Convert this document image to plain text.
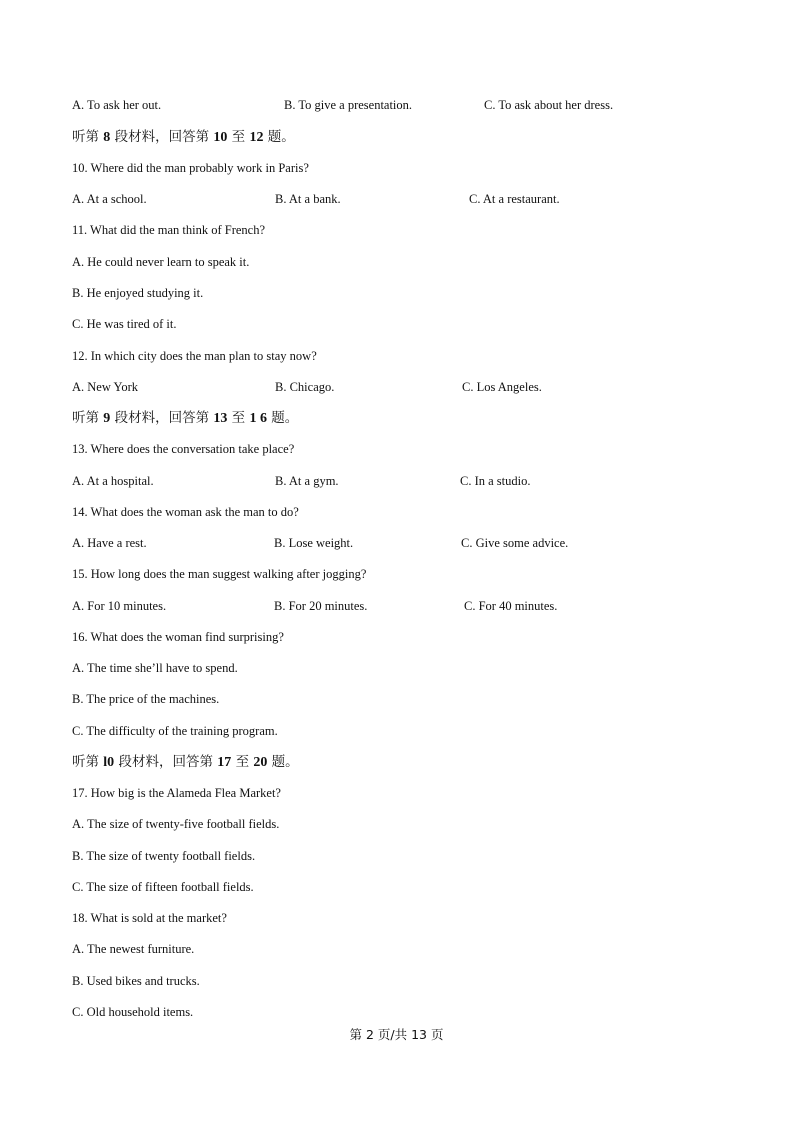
A. To ask her out.	B. To give a presentation.	C. To ask about her dress.
听第 8 段材料，回答第 10 至 12 题。
10. Where did the man probably work in Paris?
A. At a school.	B. At a bank.	C. At a restaurant.
11. What did the man think of French?
A. He could never learn to speak it.
B. He enjoyed studying it.
C. He was tired of it.
12. In which city does the man plan to stay now?
A. New York	B. Chicago.	C. Los Angeles.
听第 9 段材料，回答第 13 至 1 6 题。
13. Where does the conversation take place?
A. At a hospital.	B. At a gym.	C. In a studio.
14. What does the woman ask the man to do?
A. Have a rest.	B. Lose weight.	C. Give some advice.
15. How long does the man suggest walking after jogging?
A. For 10 minutes.	B. For 20 minutes.	C. For 40 minutes.
16. What does the woman find surprising?
A. The time she’ll have to spend.
B. The price of the machines.
C. The difficulty of the training program.
听第 l0 段材料，回答第 17 至 20 题。
17. How big is the Alameda Flea Market?
A. The size of twenty-five football fields.
B. The size of twenty football fields.
C. The size of fifteen football fields.
18. What is sold at the market?
A. The newest furniture.
B. Used bikes and trucks.
C. Old household items.
第 2 页/共 13 页
